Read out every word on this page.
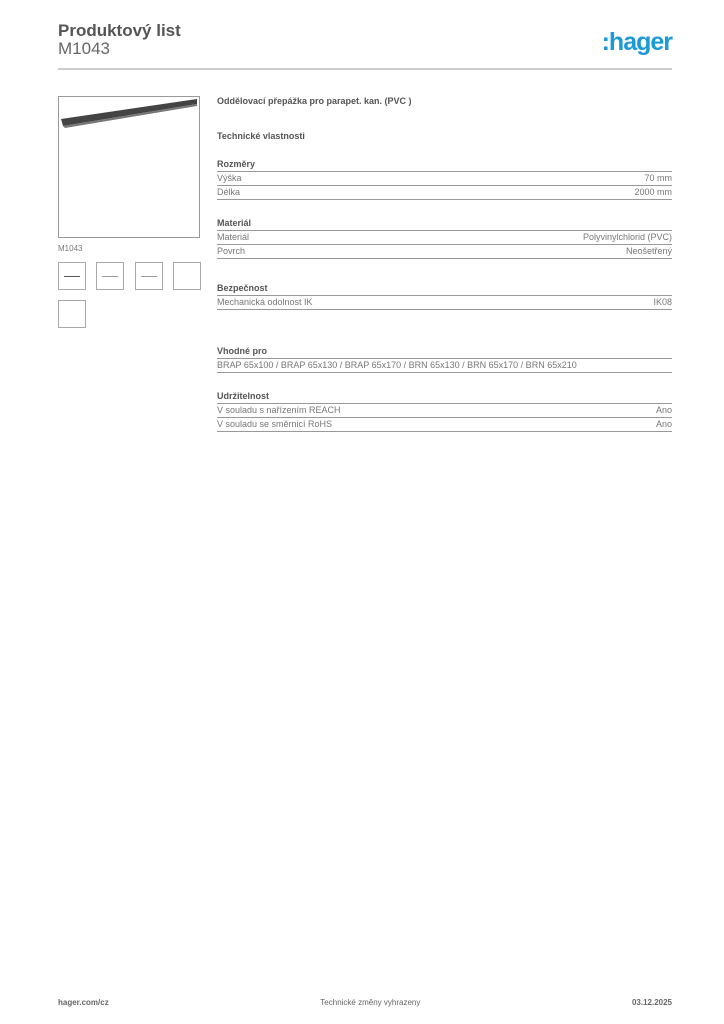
Produktový list
M1043	:hager
M1043
Oddělovací přepážka pro parapet. kan. (PVC )
Technické vlastnosti
Rozměry
Výška	70 mm
Délka	2000 mm
Materiál
Materiál	Polyvinylchlorid (PVC)
Povrch	Neošetřený
Bezpečnost
Mechanická odolnost IK	IK08
Vhodné pro
BRAP 65x100 / BRAP 65x130 / BRAP 65x170 / BRN 65x130 / BRN 65x170 / BRN 65x210
Udržitelnost
V souladu s nařízením REACH	Ano
V souladu se směrnicí RoHS	Ano
hager.com/cz	Technické změny vyhrazeny	03.12.2025
